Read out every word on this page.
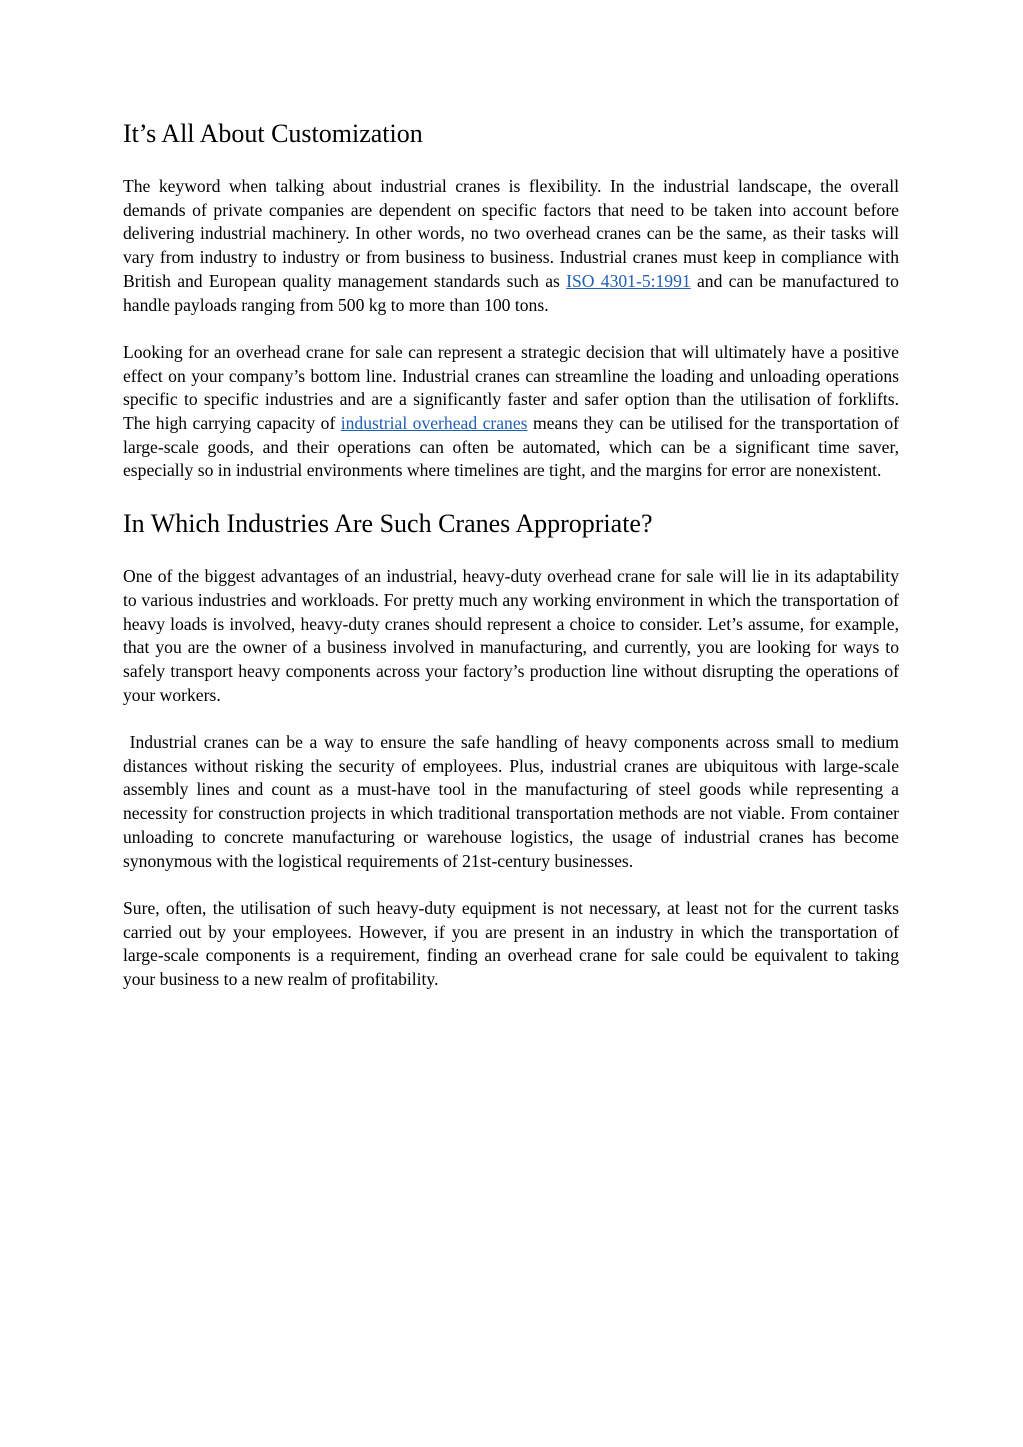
It’s All About Customization

The keyword when talking about industrial cranes is flexibility. In the industrial landscape, the overall demands of private companies are dependent on specific factors that need to be taken into account before delivering industrial machinery. In other words, no two overhead cranes can be the same, as their tasks will vary from industry to industry or from business to business. Industrial cranes must keep in compliance with British and European quality management standards such as ISO 4301-5:1991 and can be manufactured to handle payloads ranging from 500 kg to more than 100 tons.

Looking for an overhead crane for sale can represent a strategic decision that will ultimately have a positive effect on your company’s bottom line. Industrial cranes can streamline the loading and unloading operations specific to specific industries and are a significantly faster and safer option than the utilisation of forklifts. The high carrying capacity of industrial overhead cranes means they can be utilised for the transportation of large-scale goods, and their operations can often be automated, which can be a significant time saver, especially so in industrial environments where timelines are tight, and the margins for error are nonexistent.

In Which Industries Are Such Cranes Appropriate?

One of the biggest advantages of an industrial, heavy-duty overhead crane for sale will lie in its adaptability to various industries and workloads. For pretty much any working environment in which the transportation of heavy loads is involved, heavy-duty cranes should represent a choice to consider. Let’s assume, for example, that you are the owner of a business involved in manufacturing, and currently, you are looking for ways to safely transport heavy components across your factory’s production line without disrupting the operations of your workers.

Industrial cranes can be a way to ensure the safe handling of heavy components across small to medium distances without risking the security of employees. Plus, industrial cranes are ubiquitous with large-scale assembly lines and count as a must-have tool in the manufacturing of steel goods while representing a necessity for construction projects in which traditional transportation methods are not viable. From container unloading to concrete manufacturing or warehouse logistics, the usage of industrial cranes has become synonymous with the logistical requirements of 21st-century businesses.

Sure, often, the utilisation of such heavy-duty equipment is not necessary, at least not for the current tasks carried out by your employees. However, if you are present in an industry in which the transportation of large-scale components is a requirement, finding an overhead crane for sale could be equivalent to taking your business to a new realm of profitability.
